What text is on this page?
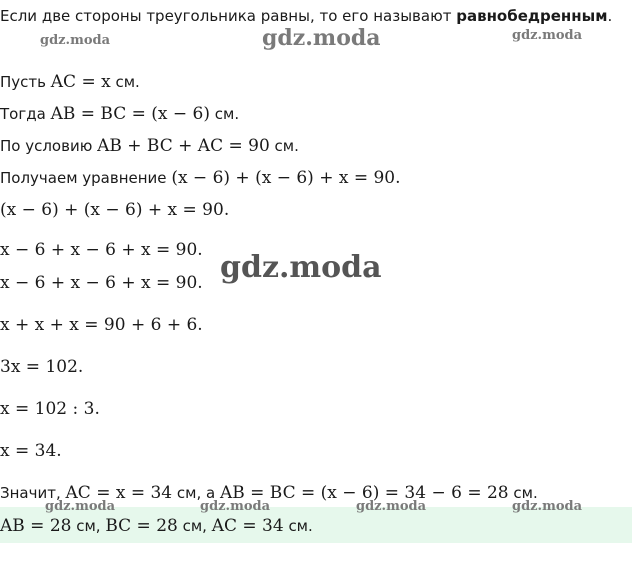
gdz.moda	gdz.moda	gdz.moda
gdz.moda
gdz.moda	gdz.moda	gdz.moda	gdz.moda
Если две стороны треугольника равны, то его называют равнобедренным.
Пусть AC = x см.
Тогда AB = BC = (x − 6) см.
По условию AB + BC + AC = 90 см.
Получаем уравнение (x − 6) + (x − 6) + x = 90.
(x − 6) + (x − 6) + x = 90.
x − 6 + x − 6 + x = 90.
x − 6 + x − 6 + x = 90.
x + x + x = 90 + 6 + 6.
3x = 102.
x = 102 : 3.
x = 34.
Значит, AC = x = 34 см, а AB = BC = (x − 6) = 34 − 6 = 28 см.
AB = 28 см, BC = 28 см, AC = 34 см.
